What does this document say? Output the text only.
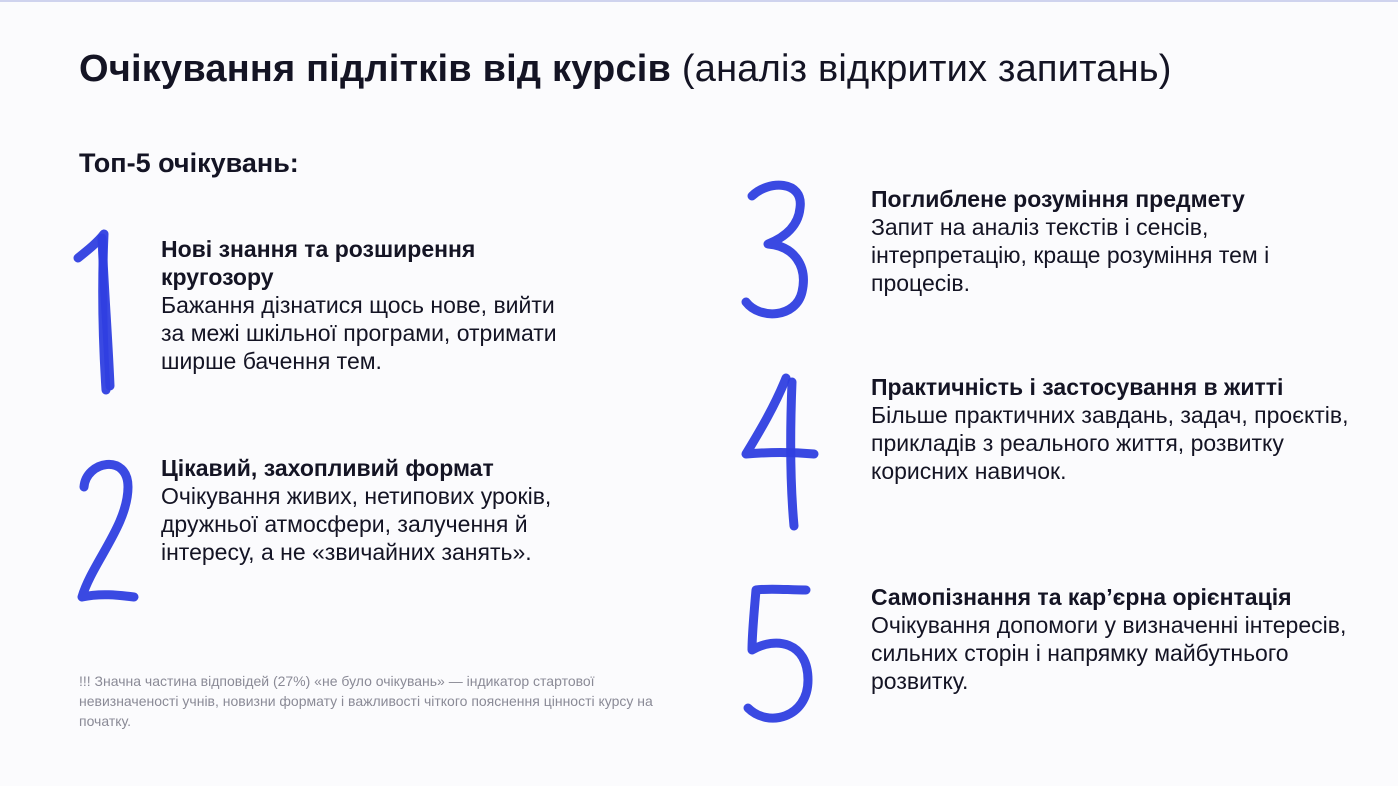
Очікування підлітків від курсів (аналіз відкритих запитань)
Топ-5 очікувань:
Нові знання та розширення кругозору
Бажання дізнатися щось нове, вийти за межі шкільної програми, отримати ширше бачення тем.
Цікавий, захопливий формат
Очікування живих, нетипових уроків, дружньої атмосфери, залучення й інтересу, а не «звичайних занять».
Поглиблене розуміння предмету
Запит на аналіз текстів і сенсів, інтерпретацію, краще розуміння тем і процесів.
Практичність і застосування в житті
Більше практичних завдань, задач, проєктів, прикладів з реального життя, розвитку корисних навичок.
Самопізнання та кар’єрна орієнтація
Очікування допомоги у визначенні інтересів, сильних сторін і напрямку майбутнього розвитку.
!!! Значна частина відповідей (27%) «не було очікувань» — індикатор стартової невизначеності учнів, новизни формату і важливості чіткого пояснення цінності курсу на початку.
